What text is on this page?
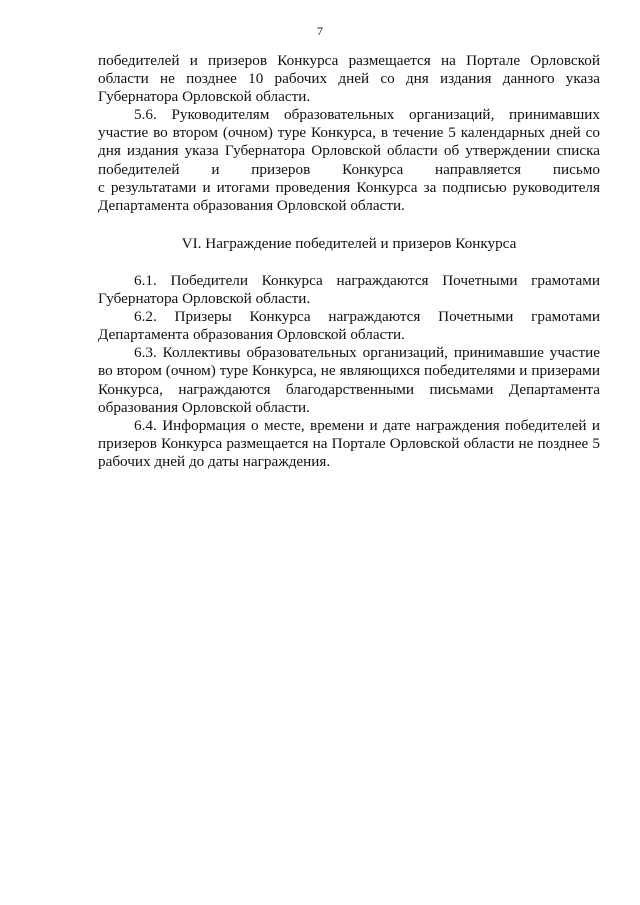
7

победителей и призеров Конкурса размещается на Портале Орловской области не позднее 10 рабочих дней со дня издания данного указа Губернатора Орловской области.

5.6. Руководителям образовательных организаций, принимавших участие во втором (очном) туре Конкурса, в течение 5 календарных дней со дня издания указа Губернатора Орловской области об утверждении списка победителей и призеров Конкурса направляется письмо

с результатами и итогами проведения Конкурса за подписью руководителя Департамента образования Орловской области.

VI. Награждение победителей и призеров Конкурса

6.1. Победители Конкурса награждаются Почетными грамотами Губернатора Орловской области.

6.2. Призеры Конкурса награждаются Почетными грамотами Департамента образования Орловской области.

6.3. Коллективы образовательных организаций, принимавшие участие во втором (очном) туре Конкурса, не являющихся победителями и призерами Конкурса, награждаются благодарственными письмами Департамента образования Орловской области.

6.4. Информация о месте, времени и дате награждения победителей и призеров Конкурса размещается на Портале Орловской области не позднее 5 рабочих дней до даты награждения.
